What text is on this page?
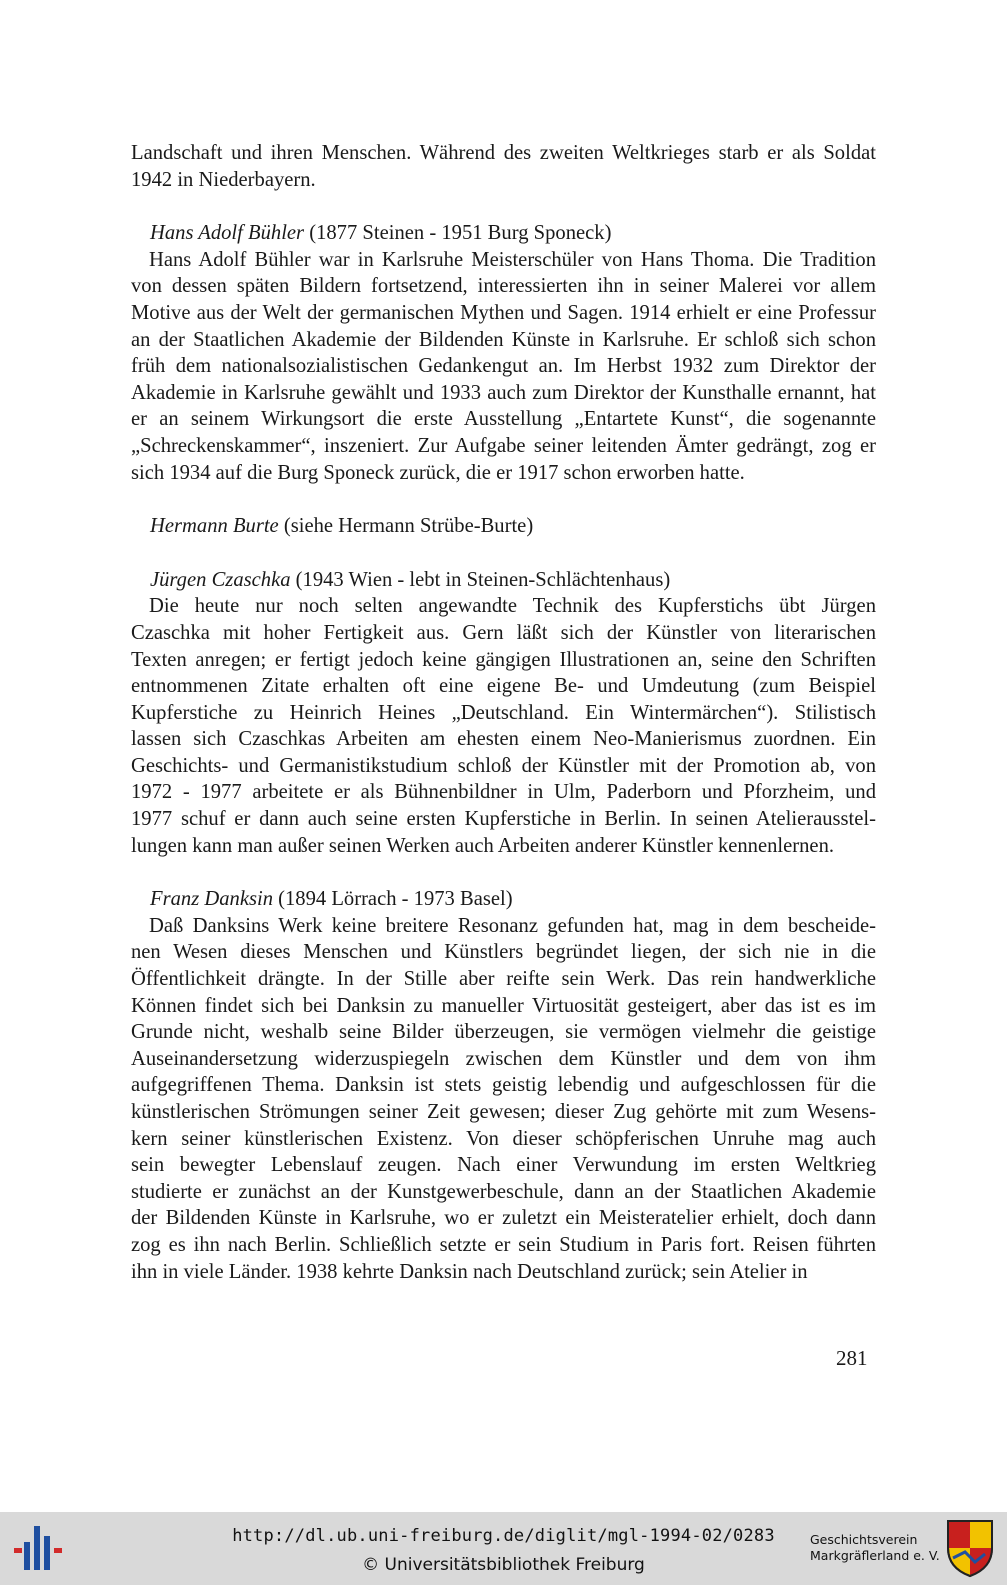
Landschaft und ihren Menschen. Während des zweiten Weltkrieges starb er als Soldat
1942 in Niederbayern.
Hans Adolf Bühler (1877 Steinen - 1951 Burg Sponeck)
Hans Adolf Bühler war in Karlsruhe Meisterschüler von Hans Thoma. Die Tradition
von dessen späten Bildern fortsetzend, interessierten ihn in seiner Malerei vor allem
Motive aus der Welt der germanischen Mythen und Sagen. 1914 erhielt er eine Professur
an der Staatlichen Akademie der Bildenden Künste in Karlsruhe. Er schloß sich schon
früh dem nationalsozialistischen Gedankengut an. Im Herbst 1932 zum Direktor der
Akademie in Karlsruhe gewählt und 1933 auch zum Direktor der Kunsthalle ernannt, hat
er an seinem Wirkungsort die erste Ausstellung „Entartete Kunst“, die sogenannte
„Schreckenskammer“, inszeniert. Zur Aufgabe seiner leitenden Ämter gedrängt, zog er
sich 1934 auf die Burg Sponeck zurück, die er 1917 schon erworben hatte.
Hermann Burte (siehe Hermann Strübe-Burte)
Jürgen Czaschka (1943 Wien - lebt in Steinen-Schlächtenhaus)
Die heute nur noch selten angewandte Technik des Kupferstichs übt Jürgen
Czaschka mit hoher Fertigkeit aus. Gern läßt sich der Künstler von literarischen
Texten anregen; er fertigt jedoch keine gängigen Illustrationen an, seine den Schriften
entnommenen Zitate erhalten oft eine eigene Be- und Umdeutung (zum Beispiel
Kupferstiche zu Heinrich Heines „Deutschland. Ein Wintermärchen“). Stilistisch
lassen sich Czaschkas Arbeiten am ehesten einem Neo-Manierismus zuordnen. Ein
Geschichts- und Germanistikstudium schloß der Künstler mit der Promotion ab, von
1972 - 1977 arbeitete er als Bühnenbildner in Ulm, Paderborn und Pforzheim, und
1977 schuf er dann auch seine ersten Kupferstiche in Berlin. In seinen Atelierausstel-
lungen kann man außer seinen Werken auch Arbeiten anderer Künstler kennenlernen.
Franz Danksin (1894 Lörrach - 1973 Basel)
Daß Danksins Werk keine breitere Resonanz gefunden hat, mag in dem bescheide-
nen Wesen dieses Menschen und Künstlers begründet liegen, der sich nie in die
Öffentlichkeit drängte. In der Stille aber reifte sein Werk. Das rein handwerkliche
Können findet sich bei Danksin zu manueller Virtuosität gesteigert, aber das ist es im
Grunde nicht, weshalb seine Bilder überzeugen, sie vermögen vielmehr die geistige
Auseinandersetzung widerzuspiegeln zwischen dem Künstler und dem von ihm
aufgegriffenen Thema. Danksin ist stets geistig lebendig und aufgeschlossen für die
künstlerischen Strömungen seiner Zeit gewesen; dieser Zug gehörte mit zum Wesens-
kern seiner künstlerischen Existenz. Von dieser schöpferischen Unruhe mag auch
sein bewegter Lebenslauf zeugen. Nach einer Verwundung im ersten Weltkrieg
studierte er zunächst an der Kunstgewerbeschule, dann an der Staatlichen Akademie
der Bildenden Künste in Karlsruhe, wo er zuletzt ein Meisteratelier erhielt, doch dann
zog es ihn nach Berlin. Schließlich setzte er sein Studium in Paris fort. Reisen führten
ihn in viele Länder. 1938 kehrte Danksin nach Deutschland zurück; sein Atelier in
281
http://dl.ub.uni-freiburg.de/diglit/mgl-1994-02/0283
© Universitätsbibliothek Freiburg
Geschichtsverein
Markgräflerland e. V.
